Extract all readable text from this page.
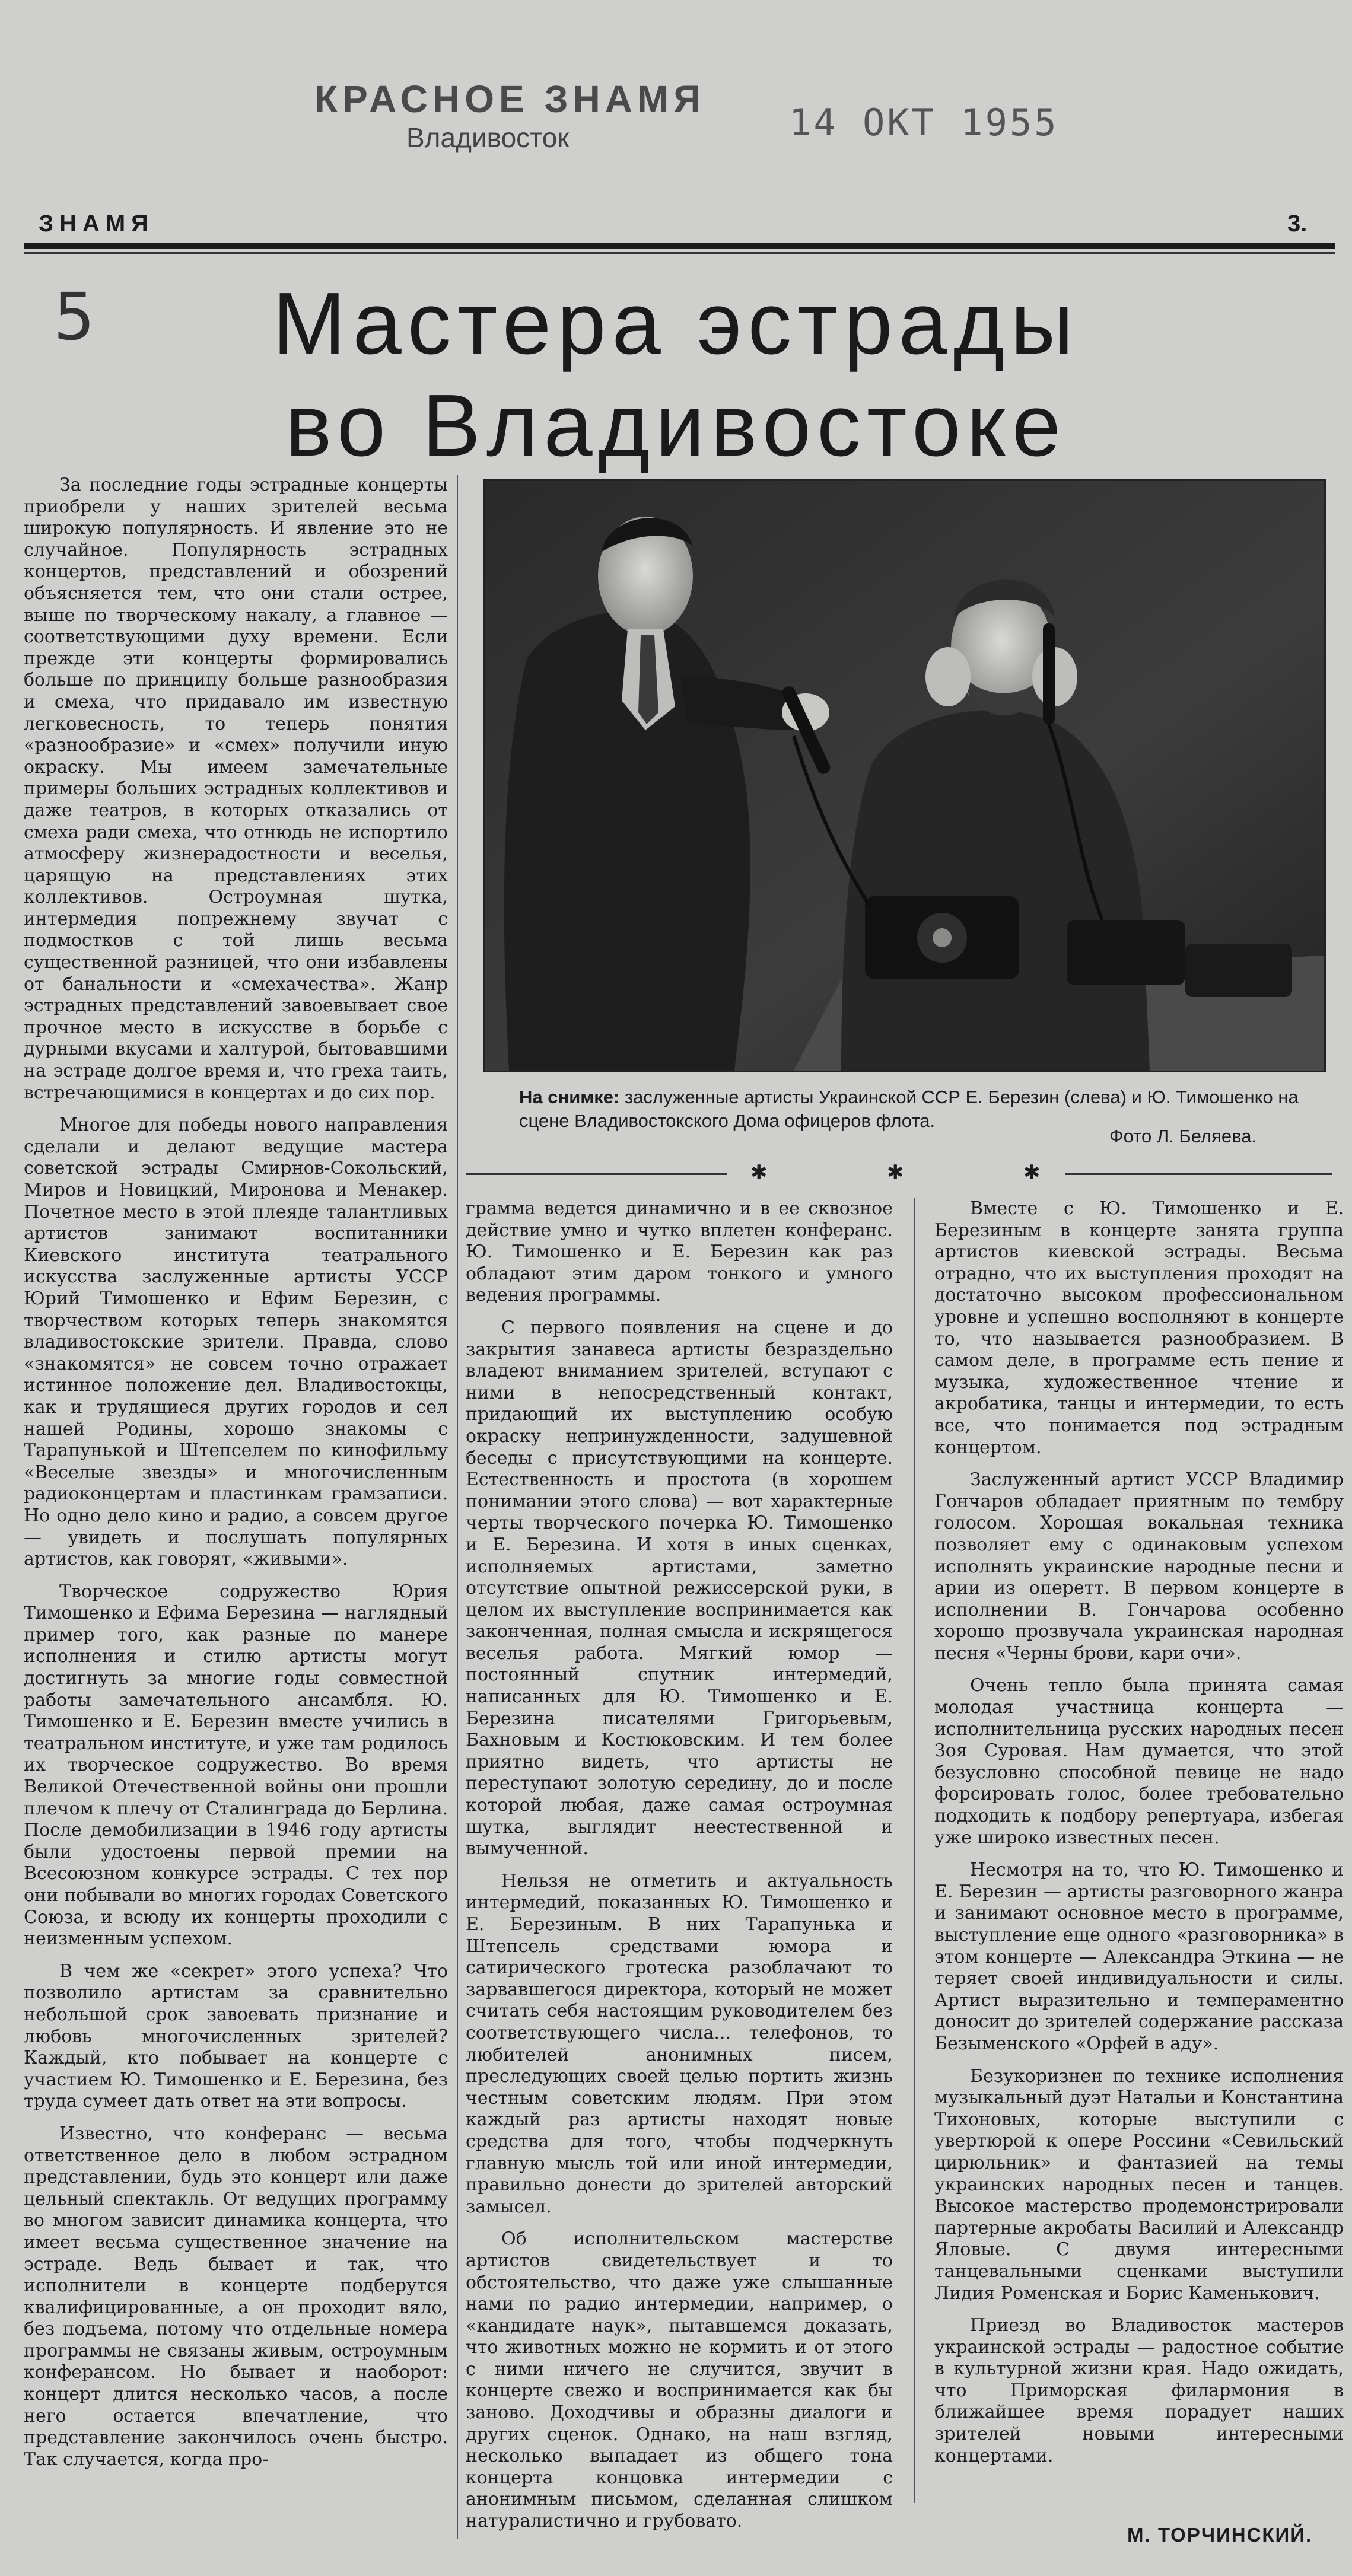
КРАСНОЕ ЗНАМЯ
Владивосток	14 ОКТ 1955
ЗНАМЯ	3.
5	Мастера эстрады
во Владивостоке

За последние годы эстрадные концерты приобрели у наших зрителей весьма широкую популярность. И явление это не случайное. Популярность эстрадных концертов, представлений и обозрений объясняется тем, что они стали острее, выше по творческому накалу, а главное — соответствующими духу времени. Если прежде эти концерты формировались больше по принципу больше разнообразия и смеха, что придавало им известную легковесность, то теперь понятия «разнообразие» и «смех» получили иную окраску. Мы имеем замечательные примеры больших эстрадных коллективов и даже театров, в которых отказались от смеха ради смеха, что отнюдь не испортило атмосферу жизнерадостности и веселья, царящую на представлениях этих коллективов. Остроумная шутка, интермедия попрежнему звучат с подмостков с той лишь весьма существенной разницей, что они избавлены от банальности и «смехачества». Жанр эстрадных представлений завоевывает свое прочное место в искусстве в борьбе с дурными вкусами и халтурой, бытовавшими на эстраде долгое время и, что греха таить, встречающимися в концертах и до сих пор.

Многое для победы нового направления сделали и делают ведущие мастера советской эстрады Смирнов-Сокольский, Миров и Новицкий, Миронова и Менакер. Почетное место в этой плеяде талантливых артистов занимают воспитанники Киевского института театрального искусства заслуженные артисты УССР Юрий Тимошенко и Ефим Березин, с творчеством которых теперь знакомятся владивостокские зрители. Правда, слово «знакомятся» не совсем точно отражает истинное положение дел. Владивостокцы, как и трудящиеся других городов и сел нашей Родины, хорошо знакомы с Тарапунькой и Штепселем по кинофильму «Веселые звезды» и многочисленным радиоконцертам и пластинкам грамзаписи. Но одно дело кино и радио, а совсем другое — увидеть и послушать популярных артистов, как говорят, «живыми».

Творческое содружество Юрия Тимошенко и Ефима Березина — наглядный пример того, как разные по манере исполнения и стилю артисты могут достигнуть за многие годы совместной работы замечательного ансамбля. Ю. Тимошенко и Е. Березин вместе учились в театральном институте, и уже там родилось их творческое содружество. Во время Великой Отечественной войны они прошли плечом к плечу от Сталинграда до Берлина. После демобилизации в 1946 году артисты были удостоены первой премии на Всесоюзном конкурсе эстрады. С тех пор они побывали во многих городах Советского Союза, и всюду их концерты проходили с неизменным успехом.

В чем же «секрет» этого успеха? Что позволило артистам за сравнительно небольшой срок завоевать признание и любовь многочисленных зрителей? Каждый, кто побывает на концерте с участием Ю. Тимошенко и Е. Березина, без труда сумеет дать ответ на эти вопросы.

Известно, что конферанс — весьма ответственное дело в любом эстрадном представлении, будь это концерт или даже цельный спектакль. От ведущих программу во многом зависит динамика концерта, что имеет весьма существенное значение на эстраде. Ведь бывает и так, что исполнители в концерте подберутся квалифицированные, а он проходит вяло, без подъема, потому что отдельные номера программы не связаны живым, остроумным конферансом. Но бывает и наоборот: концерт длится несколько часов, а после него остается впечатление, что представление закончилось очень быстро. Так случается, когда про-

На снимке: заслуженные артисты Украинской ССР Е. Березин (слева) и Ю. Тимошенко на сцене Владивостокского Дома офицеров флота.
Фото Л. Беляева.
✱	✱	✱

грамма ведется динамично и в ее сквозное действие умно и чутко вплетен конферанс. Ю. Тимошенко и Е. Березин как раз обладают этим даром тонкого и умного ведения программы.

С первого появления на сцене и до закрытия занавеса артисты безраздельно владеют вниманием зрителей, вступают с ними в непосредственный контакт, придающий их выступлению особую окраску непринужденности, задушевной беседы с присутствующими на концерте. Естественность и простота (в хорошем понимании этого слова) — вот характерные черты творческого почерка Ю. Тимошенко и Е. Березина. И хотя в иных сценках, исполняемых артистами, заметно отсутствие опытной режиссерской руки, в целом их выступление воспринимается как законченная, полная смысла и искрящегося веселья работа. Мягкий юмор — постоянный спутник интермедий, написанных для Ю. Тимошенко и Е. Березина писателями Григорьевым, Бахновым и Костюковским. И тем более приятно видеть, что артисты не переступают золотую середину, до и после которой любая, даже самая остроумная шутка, выглядит неестественной и вымученной.

Нельзя не отметить и актуальность интермедий, показанных Ю. Тимошенко и Е. Березиным. В них Тарапунька и Штепсель средствами юмора и сатирического гротеска разоблачают то зарвавшегося директора, который не может считать себя настоящим руководителем без соответствующего числа... телефонов, то любителей анонимных писем, преследующих своей целью портить жизнь честным советским людям. При этом каждый раз артисты находят новые средства для того, чтобы подчеркнуть главную мысль той или иной интермедии, правильно донести до зрителей авторский замысел.

Об исполнительском мастерстве артистов свидетельствует и то обстоятельство, что даже уже слышанные нами по радио интермедии, например, о «кандидате наук», пытавшемся доказать, что животных можно не кормить и от этого с ними ничего не случится, звучит в концерте свежо и воспринимается как бы заново. Доходчивы и образны диалоги и других сценок. Однако, на наш взгляд, несколько выпадает из общего тона концерта концовка интермедии с анонимным письмом, сделанная слишком натуралистично и грубовато.

Вместе с Ю. Тимошенко и Е. Березиным в концерте занята группа артистов киевской эстрады. Весьма отрадно, что их выступления проходят на достаточно высоком профессиональном уровне и успешно восполняют в концерте то, что называется разнообразием. В самом деле, в программе есть пение и музыка, художественное чтение и акробатика, танцы и интермедии, то есть все, что понимается под эстрадным концертом.

Заслуженный артист УССР Владимир Гончаров обладает приятным по тембру голосом. Хорошая вокальная техника позволяет ему с одинаковым успехом исполнять украинские народные песни и арии из оперетт. В первом концерте в исполнении В. Гончарова особенно хорошо прозвучала украинская народная песня «Черны брови, кари очи».

Очень тепло была принята самая молодая участница концерта — исполнительница русских народных песен Зоя Суровая. Нам думается, что этой безусловно способной певице не надо форсировать голос, более требовательно подходить к подбору репертуара, избегая уже широко известных песен.

Несмотря на то, что Ю. Тимошенко и Е. Березин — артисты разговорного жанра и занимают основное место в программе, выступление еще одного «разговорника» в этом концерте — Александра Эткина — не теряет своей индивидуальности и силы. Артист выразительно и темпераментно доносит до зрителей содержание рассказа Безыменского «Орфей в аду».

Безукоризнен по технике исполнения музыкальный дуэт Натальи и Константина Тихоновых, которые выступили с увертюрой к опере Россини «Севильский цирюльник» и фантазией на темы украинских народных песен и танцев. Высокое мастерство продемонстрировали партерные акробаты Василий и Александр Яловые. С двумя интересными танцевальными сценками выступили Лидия Роменская и Борис Каменькович.

Приезд во Владивосток мастеров украинской эстрады — радостное событие в культурной жизни края. Надо ожидать, что Приморская филармония в ближайшее время порадует наших зрителей новыми интересными концертами.

М. ТОРЧИНСКИЙ.
